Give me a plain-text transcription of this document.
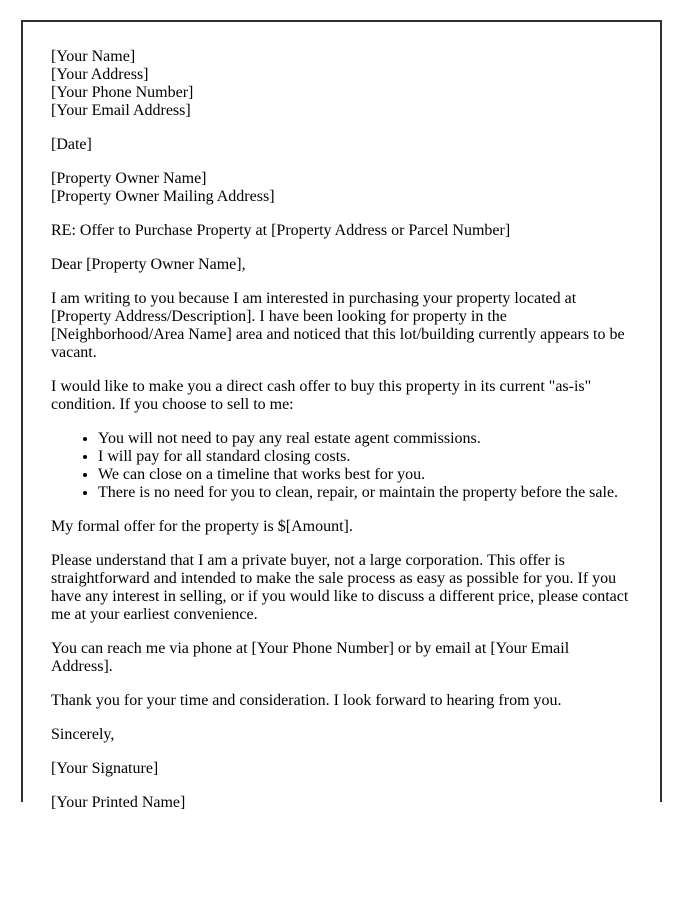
[Your Name]
[Your Address]
[Your Phone Number]
[Your Email Address]

[Date]

[Property Owner Name]
[Property Owner Mailing Address]

RE: Offer to Purchase Property at [Property Address or Parcel Number]

Dear [Property Owner Name],

I am writing to you because I am interested in purchasing your property located at [Property Address/Description]. I have been looking for property in the [Neighborhood/Area Name] area and noticed that this lot/building currently appears to be vacant.

I would like to make you a direct cash offer to buy this property in its current "as-is" condition. If you choose to sell to me:

• You will not need to pay any real estate agent commissions.
• I will pay for all standard closing costs.
• We can close on a timeline that works best for you.
• There is no need for you to clean, repair, or maintain the property before the sale.

My formal offer for the property is $[Amount].

Please understand that I am a private buyer, not a large corporation. This offer is straightforward and intended to make the sale process as easy as possible for you. If you have any interest in selling, or if you would like to discuss a different price, please contact me at your earliest convenience.

You can reach me via phone at [Your Phone Number] or by email at [Your Email Address].

Thank you for your time and consideration. I look forward to hearing from you.

Sincerely,

[Your Signature]

[Your Printed Name]
